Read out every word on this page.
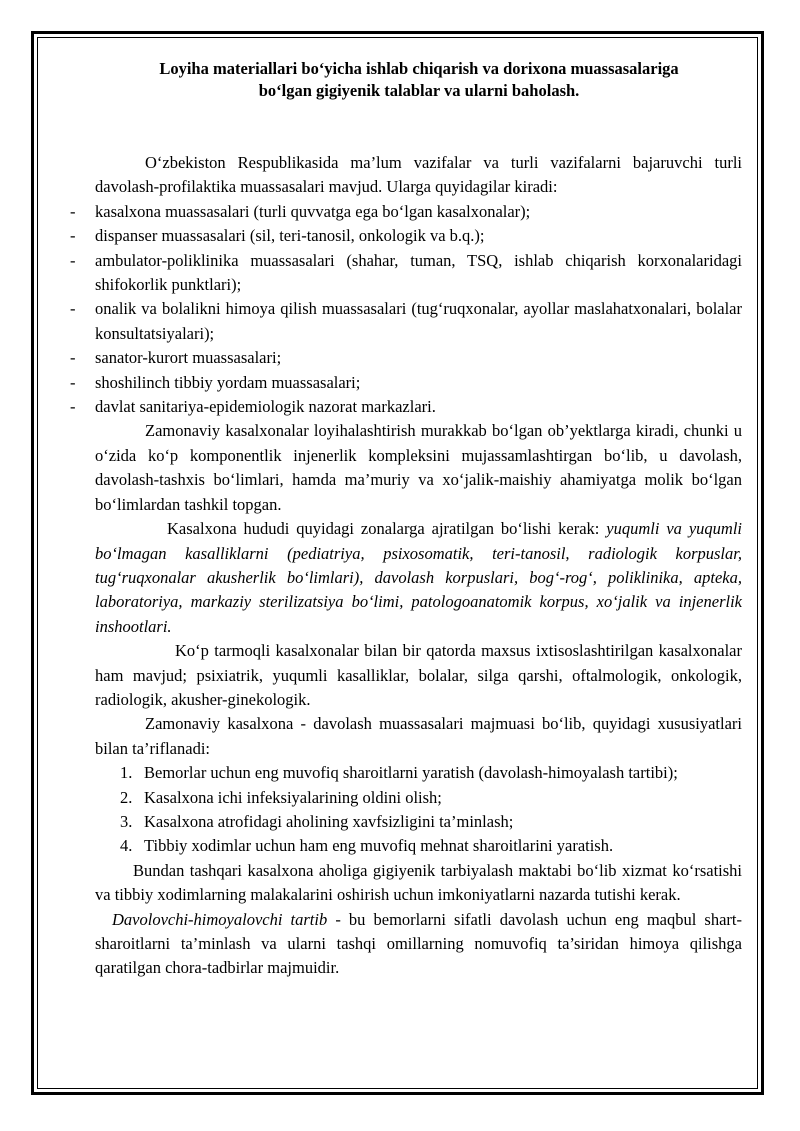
Loyiha materiallari bo‘yicha ishlab chiqarish va dorixona muassasalariga
bo‘lgan gigiyenik talablar va ularni baholash.

O‘zbekiston Respublikasida ma’lum vazifalar va turli vazifalarni bajaruvchi turli davolash-profilaktika muassasalari mavjud. Ularga quyidagilar kiradi:

- kasalxona muassasalari (turli quvvatga ega bo‘lgan kasalxonalar);
- dispanser muassasalari (sil, teri-tanosil, onkologik va b.q.);
- ambulator-poliklinika muassasalari (shahar, tuman, TSQ, ishlab chiqarish korxonalaridagi shifokorlik punktlari);
- onalik va bolalikni himoya qilish muassasalari (tug‘ruqxonalar, ayollar maslahatxonalari, bolalar konsultatsiyalari);
- sanator-kurort muassasalari;
- shoshilinch tibbiy yordam muassasalari;
- davlat sanitariya-epidemiologik nazorat markazlari.

Zamonaviy kasalxonalar loyihalashtirish murakkab bo‘lgan ob’yektlarga kiradi, chunki u o‘zida ko‘p komponentlik injenerlik kompleksini mujassamlashtirgan bo‘lib, u davolash, davolash-tashxis bo‘limlari, hamda ma’muriy va xo‘jalik-maishiy ahamiyatga molik bo‘lgan bo‘limlardan tashkil topgan.

Kasalxona hududi quyidagi zonalarga ajratilgan bo‘lishi kerak: yuqumli va yuqumli bo‘lmagan kasalliklarni (pediatriya, psixosomatik, teri-tanosil, radiologik korpuslar, tug‘ruqxonalar akusherlik bo‘limlari), davolash korpuslari, bog‘-rog‘, poliklinika, apteka, laboratoriya, markaziy sterilizatsiya bo‘limi, patologoanatomik korpus, xo‘jalik va injenerlik inshootlari.

Ko‘p tarmoqli kasalxonalar bilan bir qatorda maxsus ixtisoslashtirilgan kasalxonalar ham mavjud; psixiatrik, yuqumli kasalliklar, bolalar, silga qarshi, oftalmologik, onkologik, radiologik, akusher-ginekologik.

Zamonaviy kasalxona - davolash muassasalari majmuasi bo‘lib, quyidagi xususiyatlari bilan ta’riflanadi:

1. Bemorlar uchun eng muvofiq sharoitlarni yaratish (davolash-himoyalash tartibi);
2. Kasalxona ichi infeksiyalarining oldini olish;
3. Kasalxona atrofidagi aholining xavfsizligini ta’minlash;
4. Tibbiy xodimlar uchun ham eng muvofiq mehnat sharoitlarini yaratish.

Bundan tashqari kasalxona aholiga gigiyenik tarbiyalash maktabi bo‘lib xizmat ko‘rsatishi va tibbiy xodimlarning malakalarini oshirish uchun imkoniyatlarni nazarda tutishi kerak.

Davolovchi-himoyalovchi tartib - bu bemorlarni sifatli davolash uchun eng maqbul shart-sharoitlarni ta’minlash va ularni tashqi omillarning nomuvofiq ta’siridan himoya qilishga qaratilgan chora-tadbirlar majmuidir.
